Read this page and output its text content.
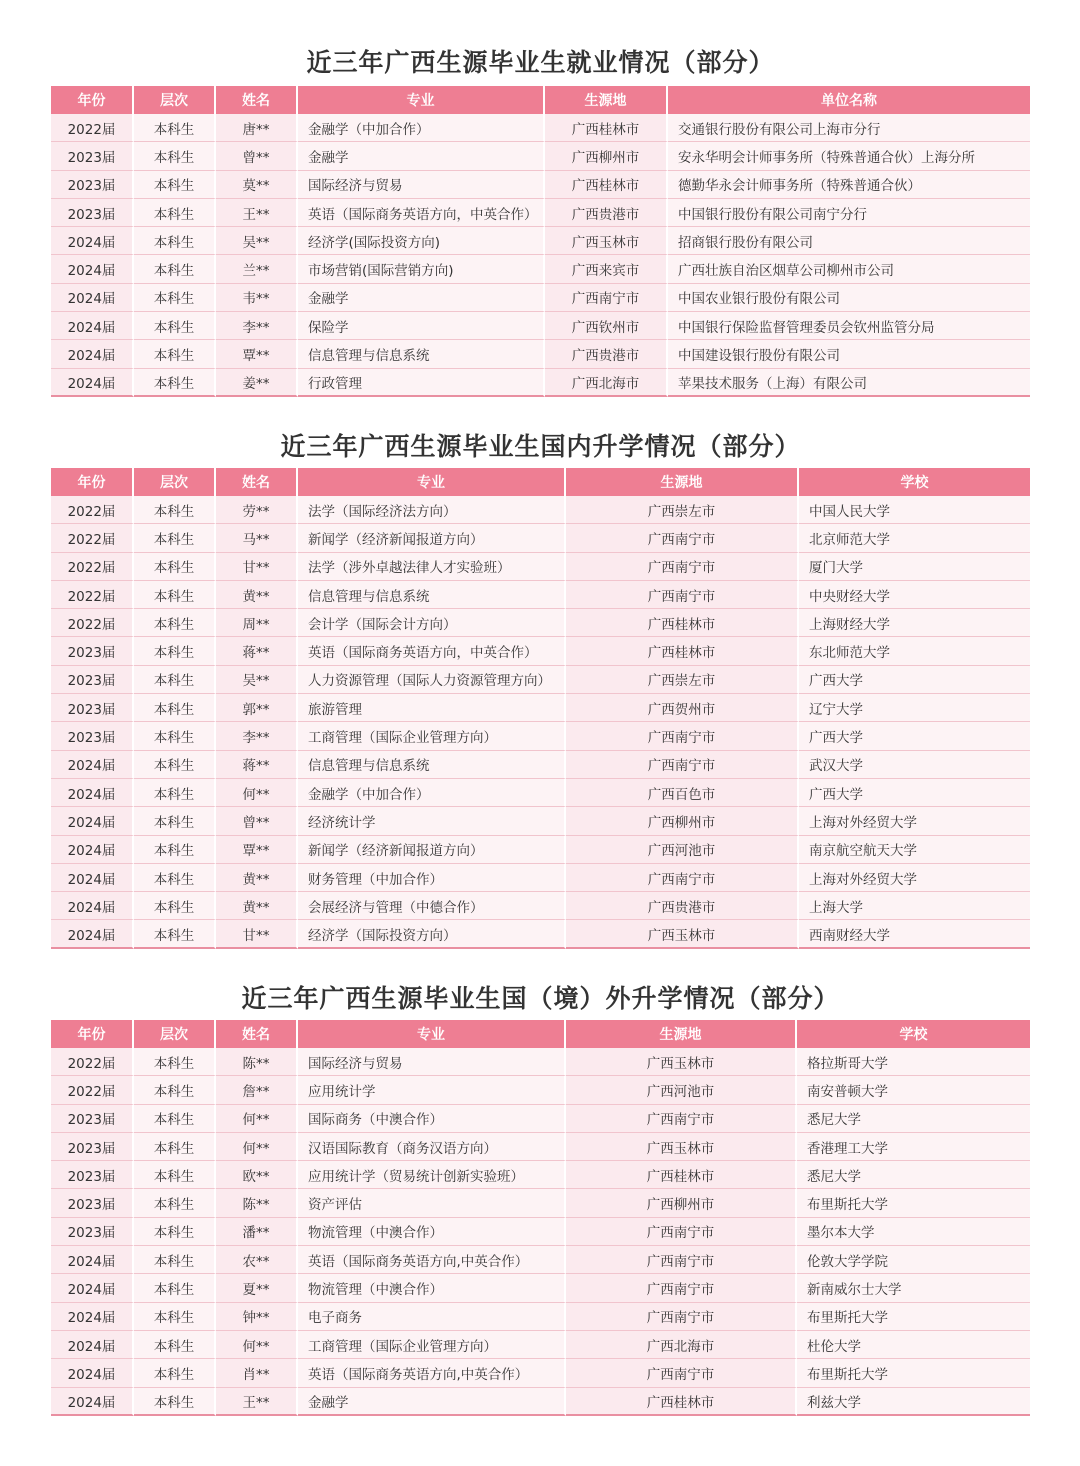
近三年广西生源毕业生就业情况（部分）
年份	层次	姓名	专业	生源地	单位名称
2022届	本科生	唐**	金融学（中加合作）	广西桂林市	交通银行股份有限公司上海市分行
2023届	本科生	曾**	金融学	广西柳州市	安永华明会计师事务所（特殊普通合伙）上海分所
2023届	本科生	莫**	国际经济与贸易	广西桂林市	德勤华永会计师事务所（特殊普通合伙）
2023届	本科生	王**	英语（国际商务英语方向，中英合作）	广西贵港市	中国银行股份有限公司南宁分行
2024届	本科生	吴**	经济学(国际投资方向)	广西玉林市	招商银行股份有限公司
2024届	本科生	兰**	市场营销(国际营销方向)	广西来宾市	广西壮族自治区烟草公司柳州市公司
2024届	本科生	韦**	金融学	广西南宁市	中国农业银行股份有限公司
2024届	本科生	李**	保险学	广西钦州市	中国银行保险监督管理委员会钦州监管分局
2024届	本科生	覃**	信息管理与信息系统	广西贵港市	中国建设银行股份有限公司
2024届	本科生	姜**	行政管理	广西北海市	苹果技术服务（上海）有限公司
近三年广西生源毕业生国内升学情况（部分）
年份	层次	姓名	专业	生源地	学校
2022届	本科生	劳**	法学（国际经济法方向）	广西崇左市	中国人民大学
2022届	本科生	马**	新闻学（经济新闻报道方向）	广西南宁市	北京师范大学
2022届	本科生	甘**	法学（涉外卓越法律人才实验班）	广西南宁市	厦门大学
2022届	本科生	黄**	信息管理与信息系统	广西南宁市	中央财经大学
2022届	本科生	周**	会计学（国际会计方向）	广西桂林市	上海财经大学
2023届	本科生	蒋**	英语（国际商务英语方向，中英合作）	广西桂林市	东北师范大学
2023届	本科生	吴**	人力资源管理（国际人力资源管理方向）	广西崇左市	广西大学
2023届	本科生	郭**	旅游管理	广西贺州市	辽宁大学
2023届	本科生	李**	工商管理（国际企业管理方向）	广西南宁市	广西大学
2024届	本科生	蒋**	信息管理与信息系统	广西南宁市	武汉大学
2024届	本科生	何**	金融学（中加合作）	广西百色市	广西大学
2024届	本科生	曾**	经济统计学	广西柳州市	上海对外经贸大学
2024届	本科生	覃**	新闻学（经济新闻报道方向）	广西河池市	南京航空航天大学
2024届	本科生	黄**	财务管理（中加合作）	广西南宁市	上海对外经贸大学
2024届	本科生	黄**	会展经济与管理（中德合作）	广西贵港市	上海大学
2024届	本科生	甘**	经济学（国际投资方向）	广西玉林市	西南财经大学
近三年广西生源毕业生国（境）外升学情况（部分）
年份	层次	姓名	专业	生源地	学校
2022届	本科生	陈**	国际经济与贸易	广西玉林市	格拉斯哥大学
2022届	本科生	詹**	应用统计学	广西河池市	南安普顿大学
2023届	本科生	何**	国际商务（中澳合作）	广西南宁市	悉尼大学
2023届	本科生	何**	汉语国际教育（商务汉语方向）	广西玉林市	香港理工大学
2023届	本科生	欧**	应用统计学（贸易统计创新实验班）	广西桂林市	悉尼大学
2023届	本科生	陈**	资产评估	广西柳州市	布里斯托大学
2023届	本科生	潘**	物流管理（中澳合作）	广西南宁市	墨尔本大学
2024届	本科生	农**	英语（国际商务英语方向,中英合作）	广西南宁市	伦敦大学学院
2024届	本科生	夏**	物流管理（中澳合作）	广西南宁市	新南威尔士大学
2024届	本科生	钟**	电子商务	广西南宁市	布里斯托大学
2024届	本科生	何**	工商管理（国际企业管理方向）	广西北海市	杜伦大学
2024届	本科生	肖**	英语（国际商务英语方向,中英合作）	广西南宁市	布里斯托大学
2024届	本科生	王**	金融学	广西桂林市	利兹大学
